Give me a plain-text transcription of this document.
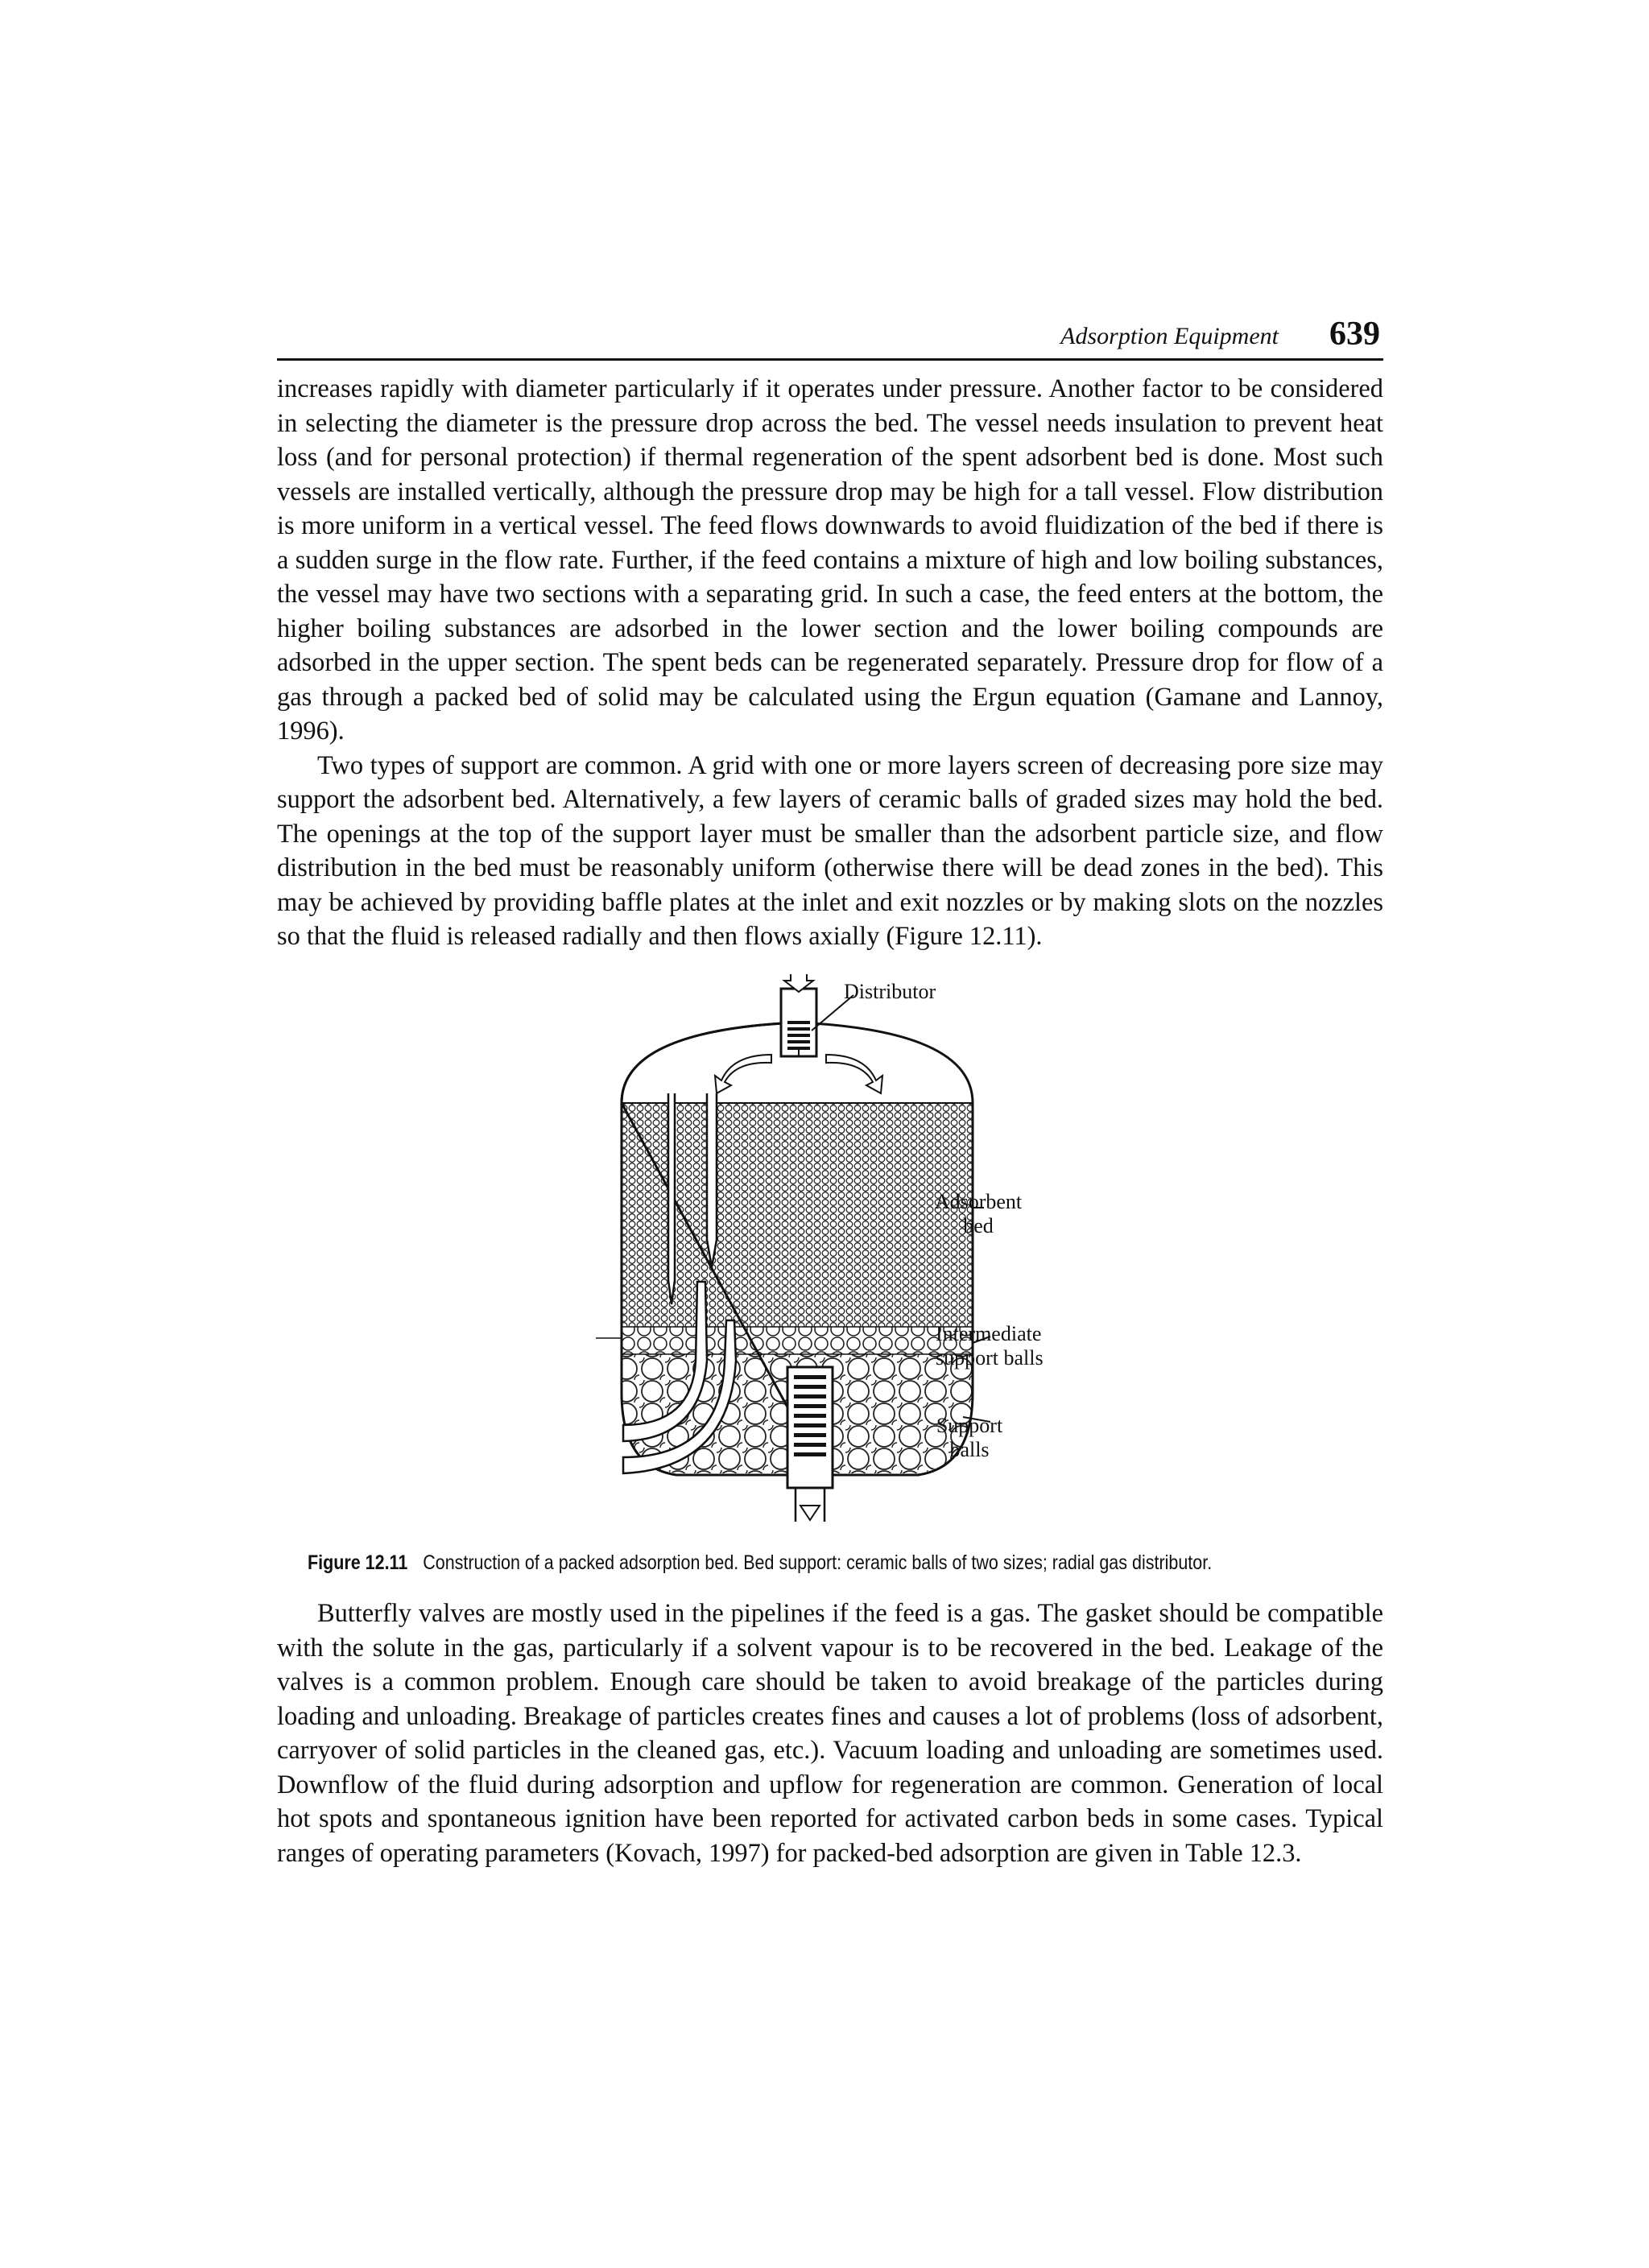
Adsorption Equipment 639

increases rapidly with diameter particularly if it operates under pressure. Another factor to be considered in selecting the diameter is the pressure drop across the bed. The vessel needs insulation to prevent heat loss (and for personal protection) if thermal regeneration of the spent adsorbent bed is done. Most such vessels are installed vertically, although the pressure drop may be high for a tall vessel. Flow distribution is more uniform in a vertical vessel. The feed flows downwards to avoid fluidization of the bed if there is a sudden surge in the flow rate. Further, if the feed contains a mixture of high and low boiling substances, the vessel may have two sections with a separating grid. In such a case, the feed enters at the bottom, the higher boiling substances are adsorbed in the lower section and the lower boiling compounds are adsorbed in the upper section. The spent beds can be regenerated separately. Pressure drop for flow of a gas through a packed bed of solid may be calculated using the Ergun equation (Gamane and Lannoy, 1996).

Two types of support are common. A grid with one or more layers screen of decreasing pore size may support the adsorbent bed. Alternatively, a few layers of ceramic balls of graded sizes may hold the bed. The openings at the top of the support layer must be smaller than the adsorbent particle size, and flow distribution in the bed must be reasonably uniform (otherwise there will be dead zones in the bed). This may be achieved by providing baffle plates at the inlet and exit nozzles or by making slots on the nozzles so that the fluid is released radially and then flows axially (Figure 12.11).

Distributor
Adsorbent
bed
Intermediate
support balls
Support
balls
Figure 12.11 Construction of a packed adsorption bed. Bed support: ceramic balls of two sizes; radial gas distributor.

Butterfly valves are mostly used in the pipelines if the feed is a gas. The gasket should be compatible with the solute in the gas, particularly if a solvent vapour is to be recovered in the bed. Leakage of the valves is a common problem. Enough care should be taken to avoid breakage of the particles during loading and unloading. Breakage of particles creates fines and causes a lot of problems (loss of adsorbent, carryover of solid particles in the cleaned gas, etc.). Vacuum loading and unloading are sometimes used. Downflow of the fluid during adsorption and upflow for regeneration are common. Generation of local hot spots and spontaneous ignition have been reported for activated carbon beds in some cases. Typical ranges of operating parameters (Kovach, 1997) for packed-bed adsorption are given in Table 12.3.
